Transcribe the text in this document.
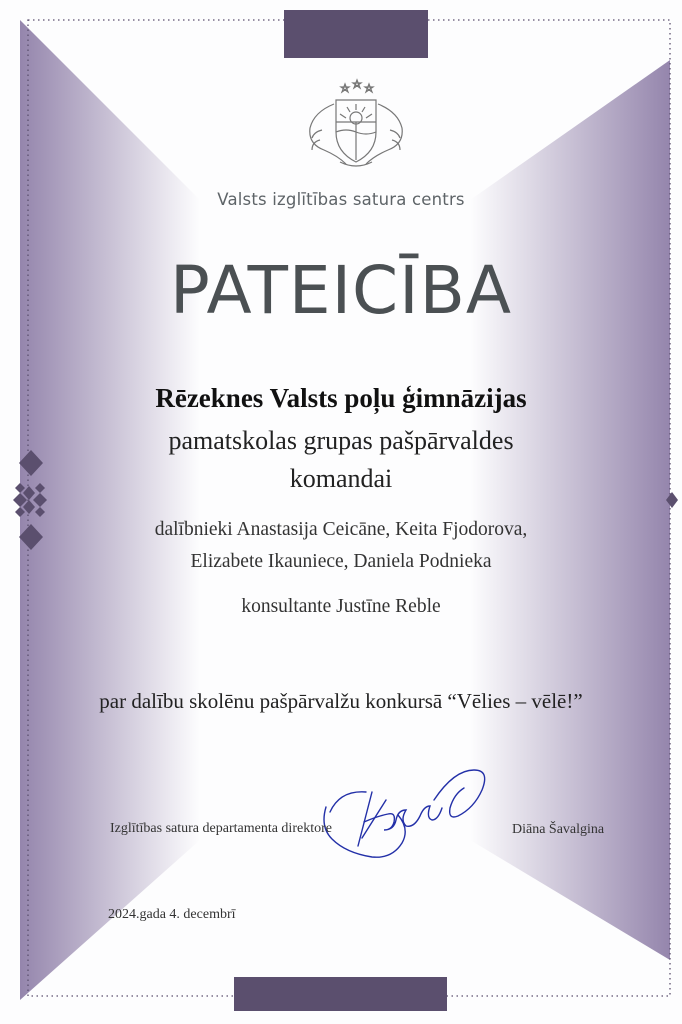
Valsts izglītības satura centrs
PATEICĪBA
Rēzeknes Valsts poļu ģimnāzijas
pamatskolas grupas pašpārvaldes
komandai
dalībnieki Anastasija Ceicāne, Keita Fjodorova,
Elizabete Ikauniece, Daniela Podnieka
konsultante Justīne Reble
par dalību skolēnu pašpārvalžu konkursā “Vēlies – vēlē!”
Izglītības satura departamenta direktore	Diāna Šavalgina
2024.gada 4. decembrī
